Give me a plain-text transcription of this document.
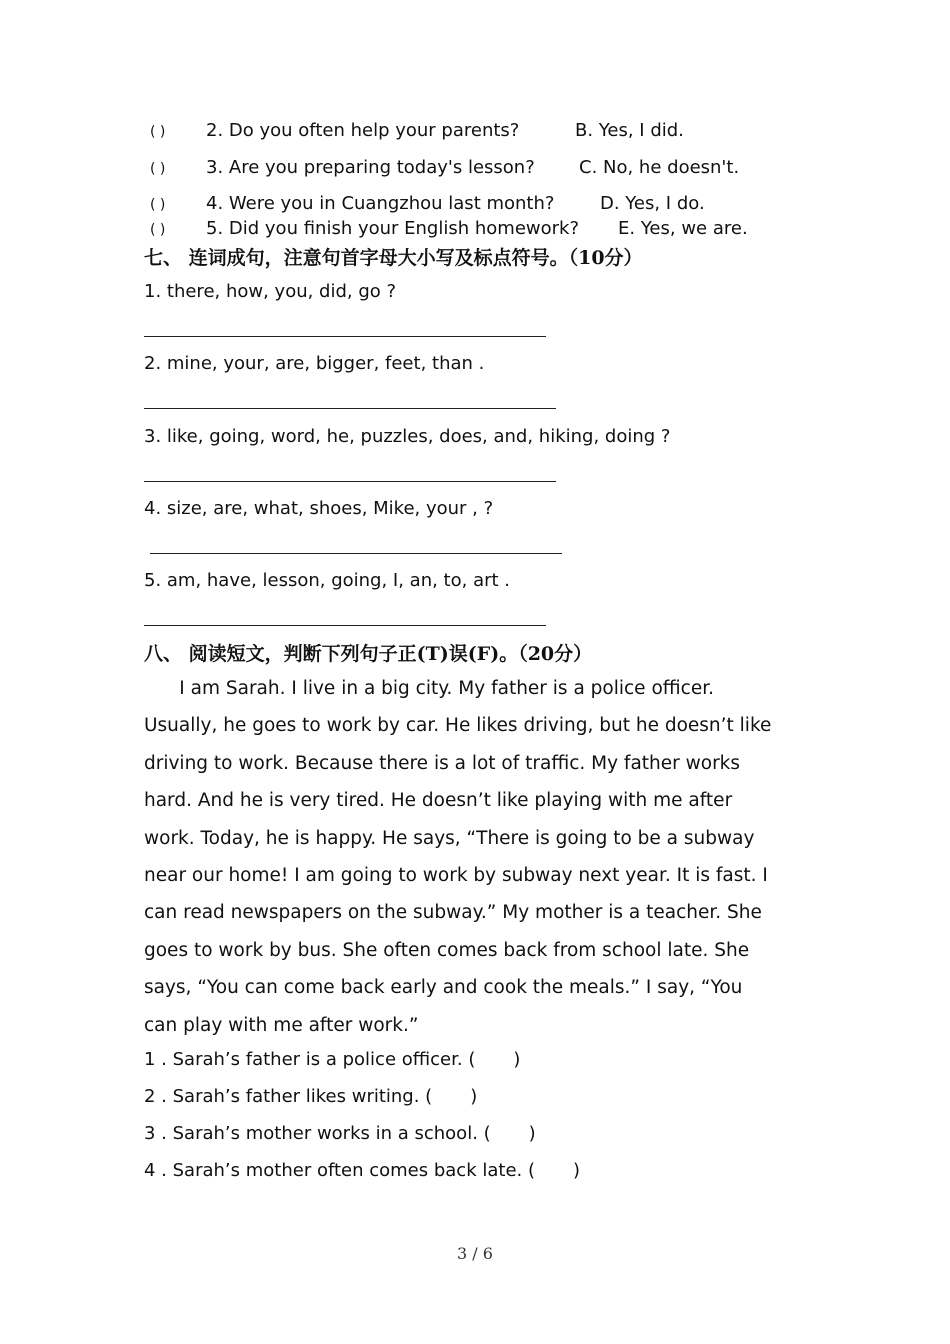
( ) 2. Do you often help your parents?	B. Yes, I did.
( ) 3. Are you preparing today's lesson? C. No, he doesn't.
( ) 4. Were you in Cuangzhou last month?	D. Yes, I do.
( ) 5. Did you finish your English homework? E. Yes, we are.
七、 连词成句，注意句首字母大小写及标点符号。（10分）
1. there, how, you, did, go ?
2. mine, your, are, bigger, feet, than .
3. like, going, word, he, puzzles, does, and, hiking, doing ?
4. size, are, what, shoes, Mike, your , ?
5. am, have, lesson, going, I, an, to, art .
八、 阅读短文，判断下列句子正(T)误(F)。（20分）
I am Sarah. I live in a big city. My father is a police officer.
Usually, he goes to work by car. He likes driving, but he doesn’t like
driving to work. Because there is a lot of traffic. My father works
hard. And he is very tired. He doesn’t like playing with me after
work. Today, he is happy. He says, “There is going to be a subway
near our home! I am going to work by subway next year. It is fast. I
can read newspapers on the subway.” My mother is a teacher. She
goes to work by bus. She often comes back from school late. She
says, “You can come back early and cook the meals.” I say, “You
can play with me after work.”
1 . Sarah’s father is a police officer. ( )
2 . Sarah’s father likes writing. ( )
3 . Sarah’s mother works in a school. ( )
4 . Sarah’s mother often comes back late. ( )
3 / 6
